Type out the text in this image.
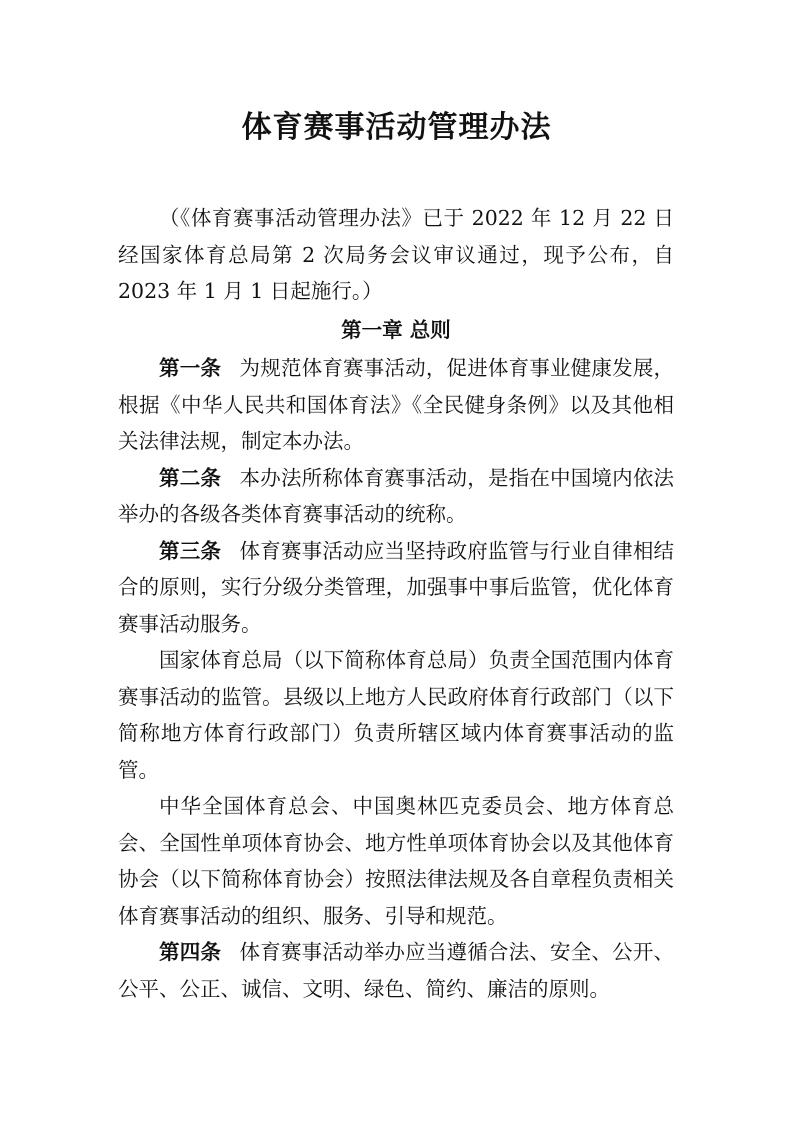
体育赛事活动管理办法

（《体育赛事活动管理办法》已于 2022 年 12 月 22 日经国家体育总局第 2 次局务会议审议通过，现予公布，自 2023 年 1 月 1 日起施行。）

第一章 总则

第一条 为规范体育赛事活动，促进体育事业健康发展，根据《中华人民共和国体育法》《全民健身条例》以及其他相关法律法规，制定本办法。

第二条 本办法所称体育赛事活动，是指在中国境内依法举办的各级各类体育赛事活动的统称。

第三条 体育赛事活动应当坚持政府监管与行业自律相结合的原则，实行分级分类管理，加强事中事后监管，优化体育赛事活动服务。

国家体育总局（以下简称体育总局）负责全国范围内体育赛事活动的监管。县级以上地方人民政府体育行政部门（以下简称地方体育行政部门）负责所辖区域内体育赛事活动的监管。

中华全国体育总会、中国奥林匹克委员会、地方体育总会、全国性单项体育协会、地方性单项体育协会以及其他体育协会（以下简称体育协会）按照法律法规及各自章程负责相关体育赛事活动的组织、服务、引导和规范。

第四条 体育赛事活动举办应当遵循合法、安全、公开、公平、公正、诚信、文明、绿色、简约、廉洁的原则。
